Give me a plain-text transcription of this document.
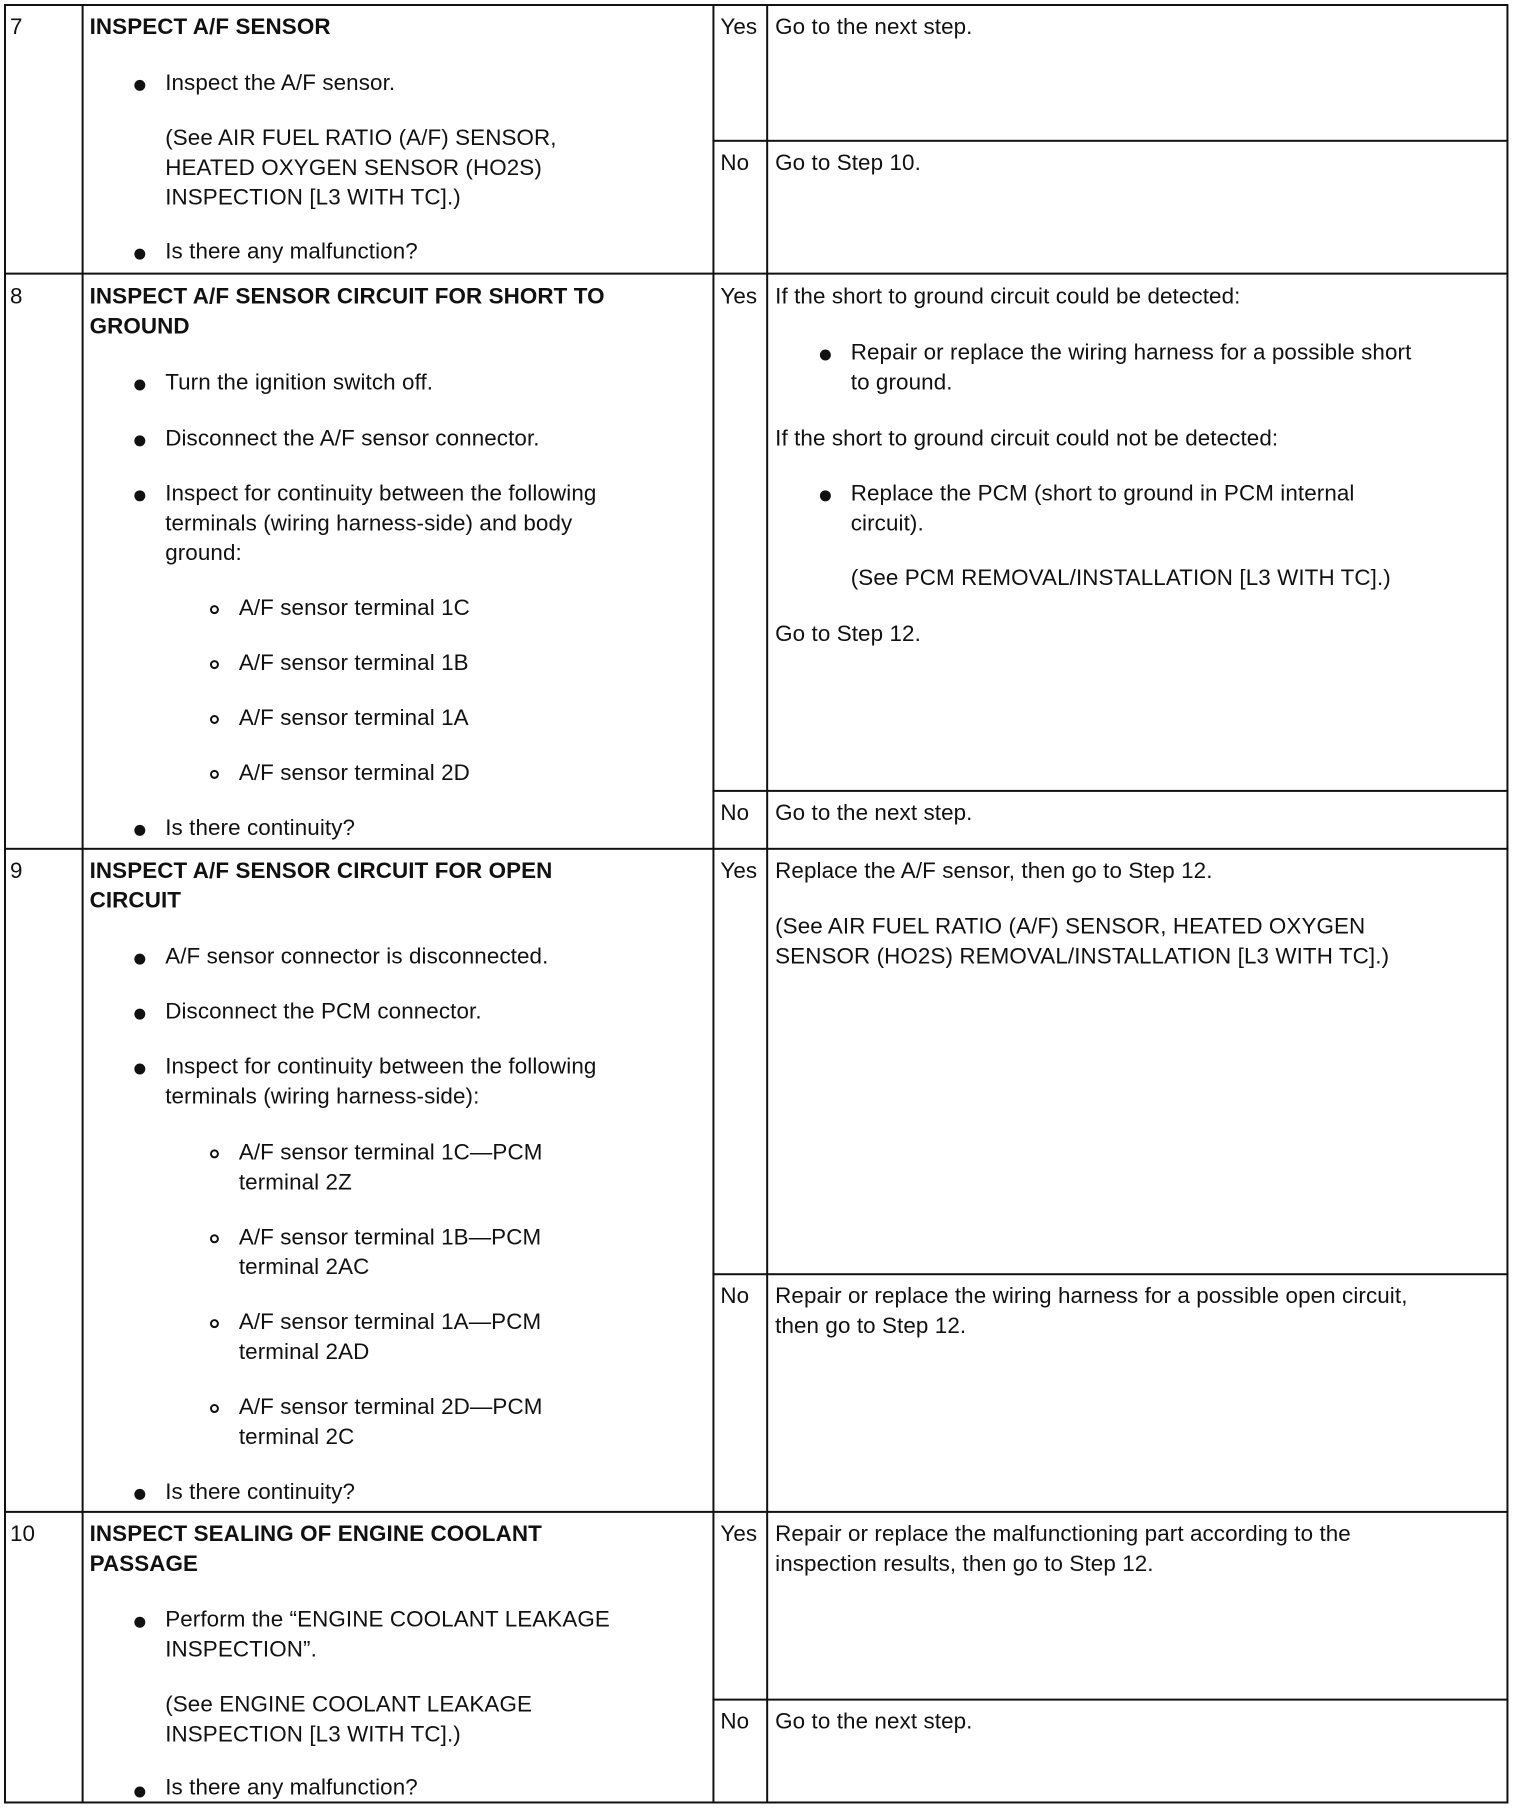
7	INSPECT A/F SENSOR
Inspect the A/F sensor.
(See AIR FUEL RATIO (A/F) SENSOR,
HEATED OXYGEN SENSOR (HO2S)
INSPECTION [L3 WITH TC].)
Is there any malfunction?
Yes Go to the next step.
No Go to Step 10.
8	INSPECT A/F SENSOR CIRCUIT FOR SHORT TO
GROUND
Turn the ignition switch off.
Disconnect the A/F sensor connector.
Inspect for continuity between the following
terminals (wiring harness-side) and body
ground:
A/F sensor terminal 1C
A/F sensor terminal 1B
A/F sensor terminal 1A
A/F sensor terminal 2D
Is there continuity?
Yes If the short to ground circuit could be detected:
Repair or replace the wiring harness for a possible short
to ground.
If the short to ground circuit could not be detected:
Replace the PCM (short to ground in PCM internal
circuit).
(See PCM REMOVAL/INSTALLATION [L3 WITH TC].)
Go to Step 12.
No Go to the next step.
9	INSPECT A/F SENSOR CIRCUIT FOR OPEN
CIRCUIT
A/F sensor connector is disconnected.
Disconnect the PCM connector.
Inspect for continuity between the following
terminals (wiring harness-side):
A/F sensor terminal 1C—PCM
terminal 2Z
A/F sensor terminal 1B—PCM
terminal 2AC
A/F sensor terminal 1A—PCM
terminal 2AD
A/F sensor terminal 2D—PCM
terminal 2C
Is there continuity?
Yes Replace the A/F sensor, then go to Step 12.
(See AIR FUEL RATIO (A/F) SENSOR, HEATED OXYGEN
SENSOR (HO2S) REMOVAL/INSTALLATION [L3 WITH TC].)
No Repair or replace the wiring harness for a possible open circuit,
then go to Step 12.
10 INSPECT SEALING OF ENGINE COOLANT
PASSAGE
Perform the “ENGINE COOLANT LEAKAGE
INSPECTION”.
(See ENGINE COOLANT LEAKAGE
INSPECTION [L3 WITH TC].)
Is there any malfunction?
Yes Repair or replace the malfunctioning part according to the
inspection results, then go to Step 12.
No Go to the next step.
